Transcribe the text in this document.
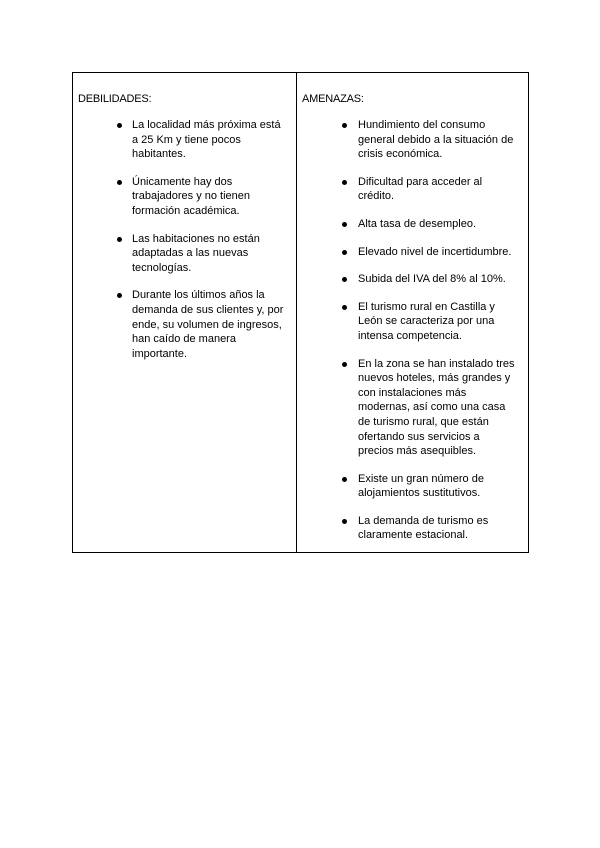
DEBILIDADES:
La localidad más próxima está a 25 Km y tiene pocos habitantes.
Únicamente hay dos trabajadores y no tienen formación académica.
Las habitaciones no están adaptadas a las nuevas tecnologías.
Durante los últimos años la demanda de sus clientes y, por ende, su volumen de ingresos, han caído de manera importante.
AMENAZAS:
Hundimiento del consumo general debido a la situación de crisis económica.
Dificultad para acceder al crédito.
Alta tasa de desempleo.
Elevado nivel de incertidumbre.
Subida del IVA del 8% al 10%.
El turismo rural en Castilla y León se caracteriza por una intensa competencia.
En la zona se han instalado tres nuevos hoteles, más grandes y con instalaciones más modernas, así como una casa de turismo rural, que están ofertando sus servicios a precios más asequibles.
Existe un gran número de alojamientos sustitutivos.
La demanda de turismo es claramente estacional.
